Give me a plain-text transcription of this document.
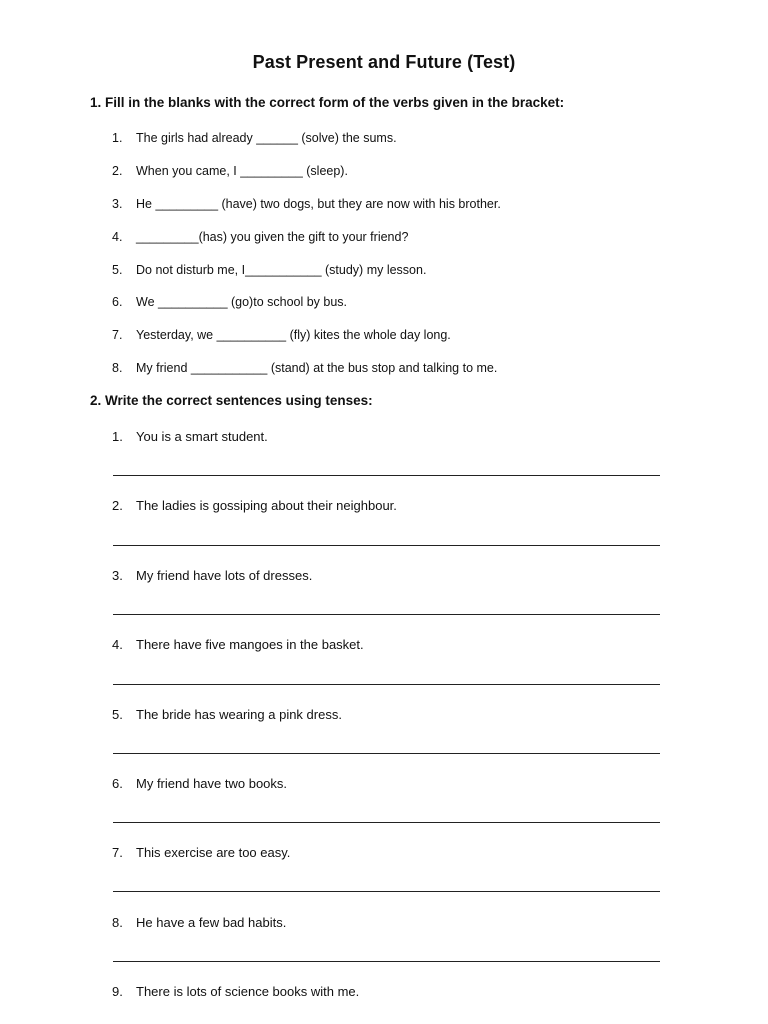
Past Present and Future (Test)
1. Fill in the blanks with the correct form of the verbs given in the bracket:
1. The girls had already ______ (solve) the sums.
2. When you came, I _________ (sleep).
3. He _________ (have) two dogs, but they are now with his brother.
4. _________(has) you given the gift to your friend?
5. Do not disturb me, I___________ (study) my lesson.
6. We __________ (go)to school by bus.
7. Yesterday, we __________ (fly) kites the whole day long.
8. My friend ___________ (stand) at the bus stop and talking to me.
2. Write the correct sentences using tenses:
1. You is a smart student.
2. The ladies is gossiping about their neighbour.
3. My friend have lots of dresses.
4. There have five mangoes in the basket.
5. The bride has wearing a pink dress.
6. My friend have two books.
7. This exercise are too easy.
8. He have a few bad habits.
9. There is lots of science books with me.
